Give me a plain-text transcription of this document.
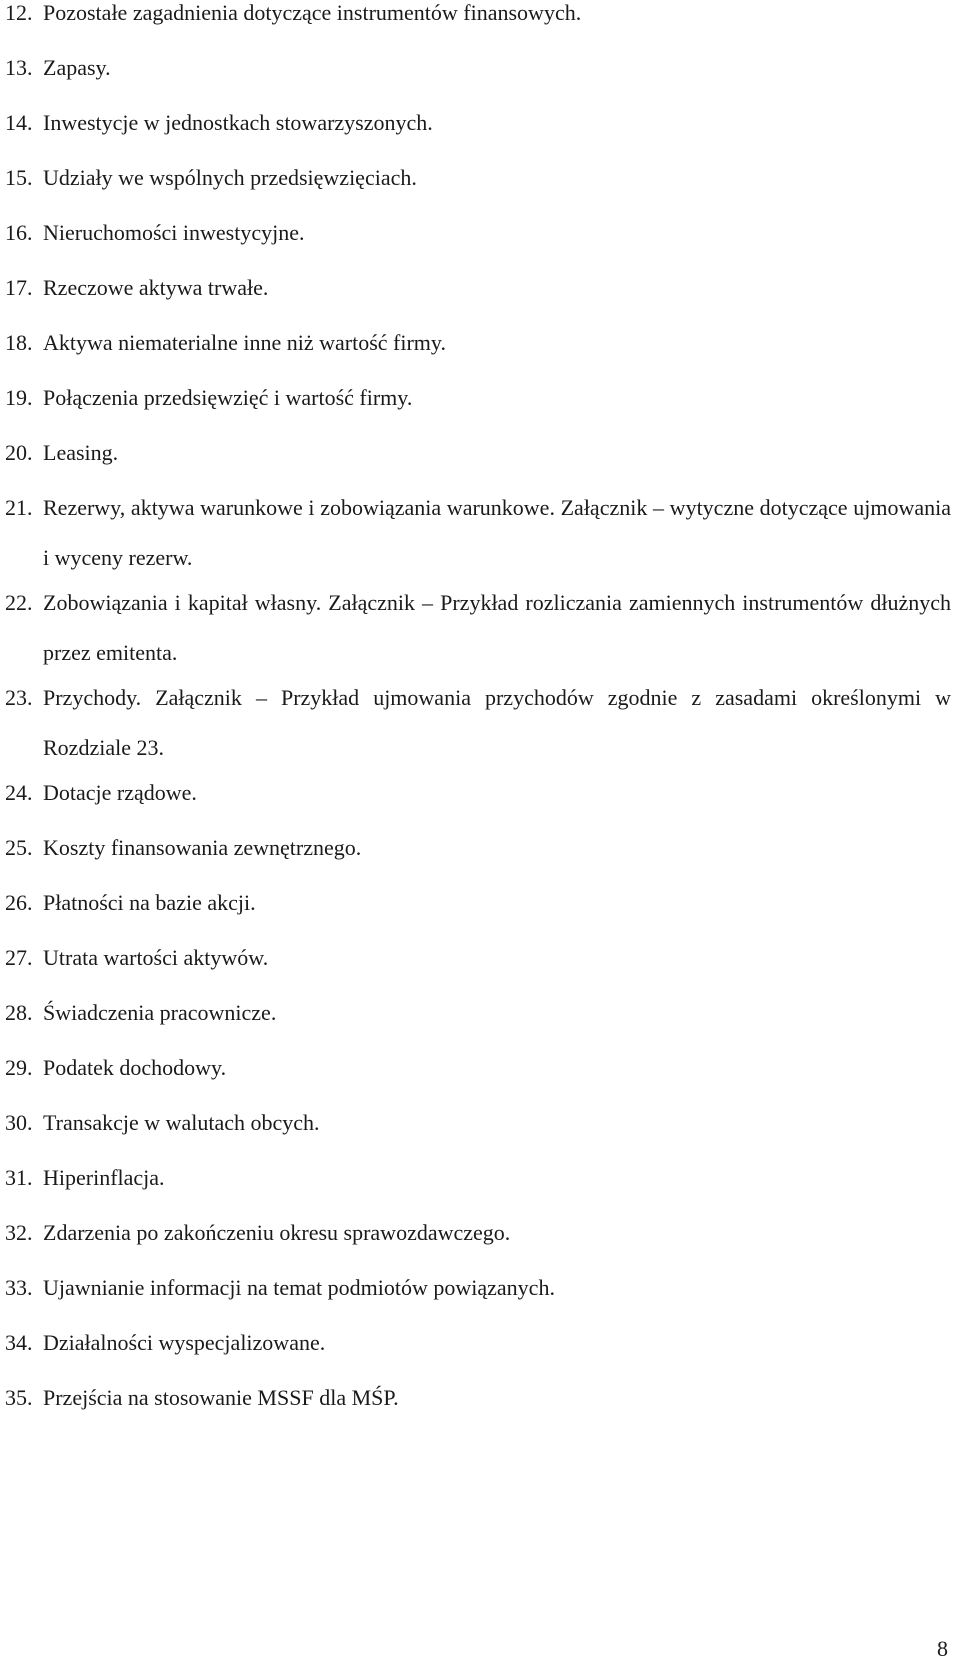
12. Pozostałe zagadnienia dotyczące instrumentów finansowych.
13. Zapasy.
14. Inwestycje w jednostkach stowarzyszonych.
15. Udziały we wspólnych przedsięwzięciach.
16. Nieruchomości inwestycyjne.
17. Rzeczowe aktywa trwałe.
18. Aktywa niematerialne inne niż wartość firmy.
19. Połączenia przedsięwzięć i wartość firmy.
20. Leasing.
21. Rezerwy, aktywa warunkowe i zobowiązania warunkowe. Załącznik – wytyczne dotyczące ujmowania i wyceny rezerw.
22. Zobowiązania i kapitał własny. Załącznik – Przykład rozliczania zamiennych instrumentów dłużnych przez emitenta.
23. Przychody. Załącznik – Przykład ujmowania przychodów zgodnie z zasadami określonymi w Rozdziale 23.
24. Dotacje rządowe.
25. Koszty finansowania zewnętrznego.
26. Płatności na bazie akcji.
27. Utrata wartości aktywów.
28. Świadczenia pracownicze.
29. Podatek dochodowy.
30. Transakcje w walutach obcych.
31. Hiperinflacja.
32. Zdarzenia po zakończeniu okresu sprawozdawczego.
33. Ujawnianie informacji na temat podmiotów powiązanych.
34. Działalności wyspecjalizowane.
35. Przejścia na stosowanie MSSF dla MŚP.
8
